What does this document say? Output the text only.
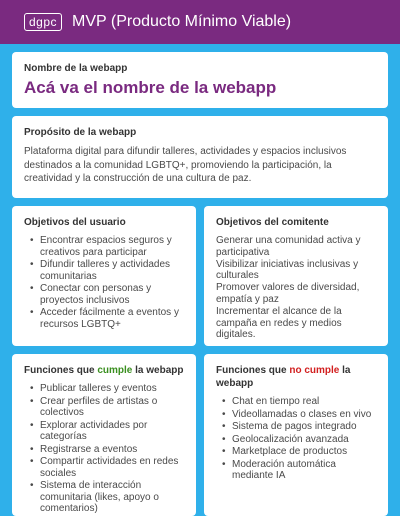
dgpc MVP (Producto Mínimo Viable)
Nombre de la webapp
Acá va el nombre de la webapp
Propósito de la webapp
Plataforma digital para difundir talleres, actividades y espacios inclusivos destinados a la comunidad LGBTQ+, promoviendo la participación, la creatividad y la construcción de una cultura de paz.
Objetivos del usuario
• Encontrar espacios seguros y creativos para participar
• Difundir talleres y actividades comunitarias
• Conectar con personas y proyectos inclusivos
• Acceder fácilmente a eventos y recursos LGBTQ+
Objetivos del comitente
Generar una comunidad activa y participativa
Visibilizar iniciativas inclusivas y culturales
Promover valores de diversidad, empatía y paz
Incrementar el alcance de la campaña en redes y medios digitales.
Funciones que cumple la webapp
• Publicar talleres y eventos
• Crear perfiles de artistas o colectivos
• Explorar actividades por categorías
• Registrarse a eventos
• Compartir actividades en redes sociales
• Sistema de interacción comunitaria (likes, apoyo o comentarios)
Funciones que no cumple la webapp
• Chat en tiempo real
• Videollamadas o clases en vivo
• Sistema de pagos integrado
• Geolocalización avanzada
• Marketplace de productos
• Moderación automática mediante IA
